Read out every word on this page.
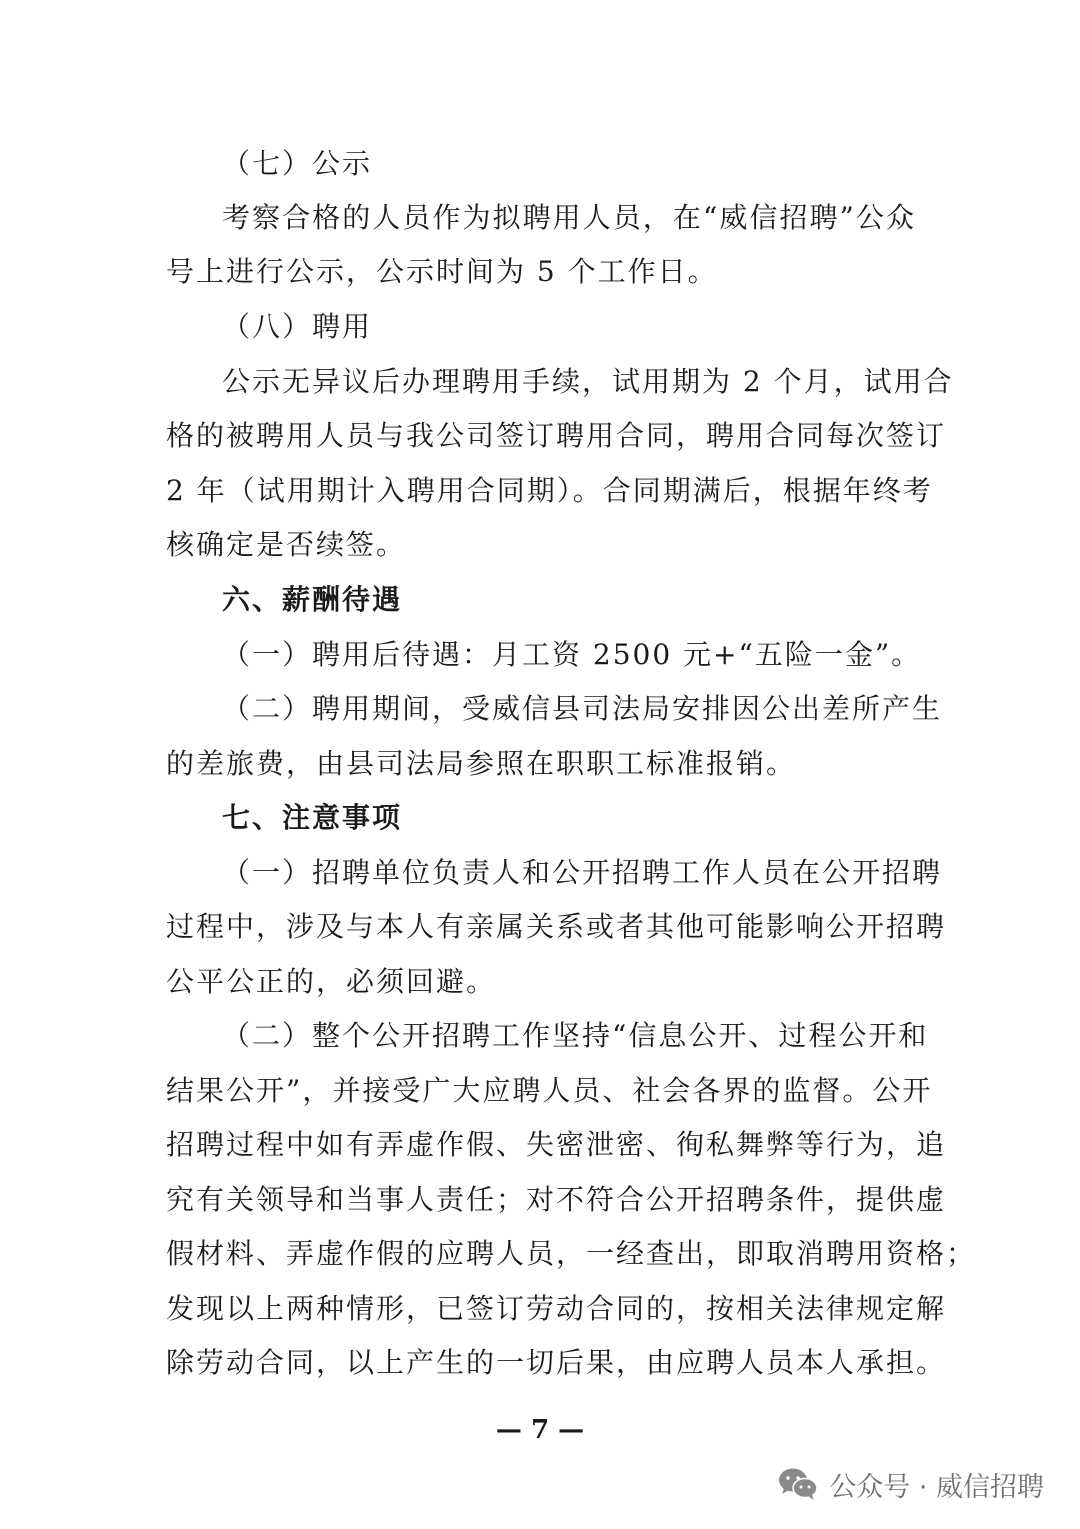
（七）公示
考察合格的人员作为拟聘用人员，在“威信招聘”公众
号上进行公示，公示时间为 5 个工作日。
（八）聘用
公示无异议后办理聘用手续，试用期为 2 个月，试用合
格的被聘用人员与我公司签订聘用合同，聘用合同每次签订
2 年（试用期计入聘用合同期）。合同期满后，根据年终考
核确定是否续签。
六、薪酬待遇
（一）聘用后待遇：月工资 2500 元+“五险一金”。
（二）聘用期间，受威信县司法局安排因公出差所产生
的差旅费，由县司法局参照在职职工标准报销。
七、注意事项
（一）招聘单位负责人和公开招聘工作人员在公开招聘
过程中，涉及与本人有亲属关系或者其他可能影响公开招聘
公平公正的，必须回避。
（二）整个公开招聘工作坚持“信息公开、过程公开和
结果公开”，并接受广大应聘人员、社会各界的监督。公开
招聘过程中如有弄虚作假、失密泄密、徇私舞弊等行为，追
究有关领导和当事人责任；对不符合公开招聘条件，提供虚
假材料、弄虚作假的应聘人员，一经查出，即取消聘用资格；
发现以上两种情形，已签订劳动合同的，按相关法律规定解
除劳动合同，以上产生的一切后果，由应聘人员本人承担。
— 7 —
公众号 · 威信招聘
